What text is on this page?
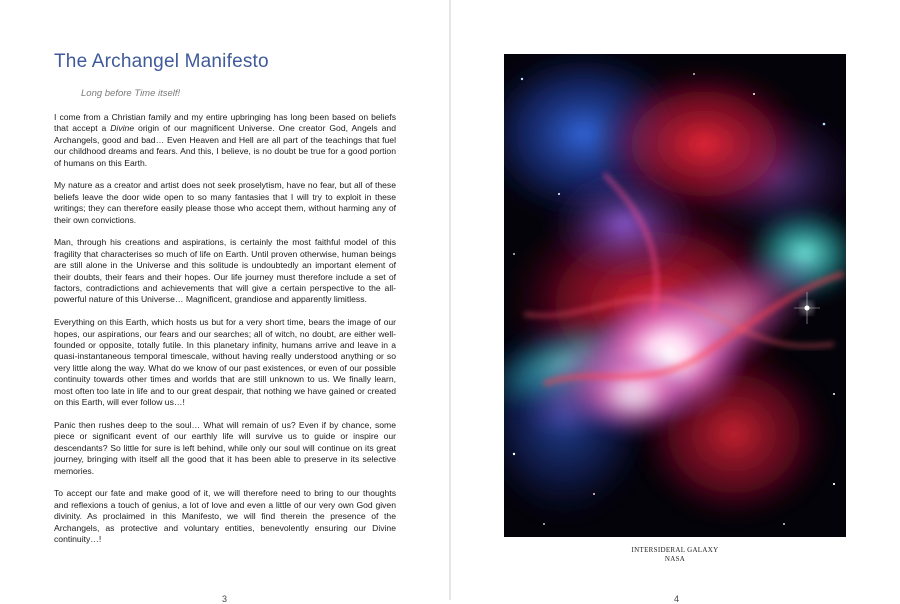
The Archangel Manifesto
Long before Time itself!

I come from a Christian family and my entire upbringing has long been based on beliefs that accept a Divine origin of our magnificent Universe. One creator God, Angels and Archangels, good and bad… Even Heaven and Hell are all part of the teachings that fuel our childhood dreams and fears. And this, I believe, is no doubt be true for a good portion of humans on this Earth.

My nature as a creator and artist does not seek proselytism, have no fear, but all of these beliefs leave the door wide open to so many fantasies that I will try to exploit in these writings; they can therefore easily please those who accept them, without harming any of their own convictions.

Man, through his creations and aspirations, is certainly the most faithful model of this fragility that characterises so much of life on Earth. Until proven otherwise, human beings are still alone in the Universe and this solitude is undoubtedly an important element of their doubts, their fears and their hopes. Our life journey must therefore include a set of factors, contradictions and achievements that will give a certain perspective to the all-powerful nature of this Universe… Magnificent, grandiose and apparently limitless.

Everything on this Earth, which hosts us but for a very short time, bears the image of our hopes, our aspirations, our fears and our searches; all of witch, no doubt, are either well-founded or opposite, totally futile. In this planetary infinity, humans arrive and leave in a quasi-instantaneous temporal timescale, without having really understood anything or so very little along the way. What do we know of our past existences, or even of our possible continuity towards other times and worlds that are still unknown to us. We finally learn, most often too late in life and to our great despair, that nothing we have gained or created on this Earth, will ever follow us…!

Panic then rushes deep to the soul… What will remain of us? Even if by chance, some piece or significant event of our earthly life will survive us to guide or inspire our descendants? So little for sure is left behind, while only our soul will continue on its great journey, bringing with itself all the good that it has been able to preserve in its selective memories.

To accept our fate and make good of it, we will therefore need to bring to our thoughts and reflexions a touch of genius, a lot of love and even a little of our very own God given divinity. As proclaimed in this Manifesto, we will find therein the presence of the Archangels, as protective and voluntary entities, benevolently ensuring our Divine continuity…!

3
INTERSIDERAL GALAXY
NASA
4
